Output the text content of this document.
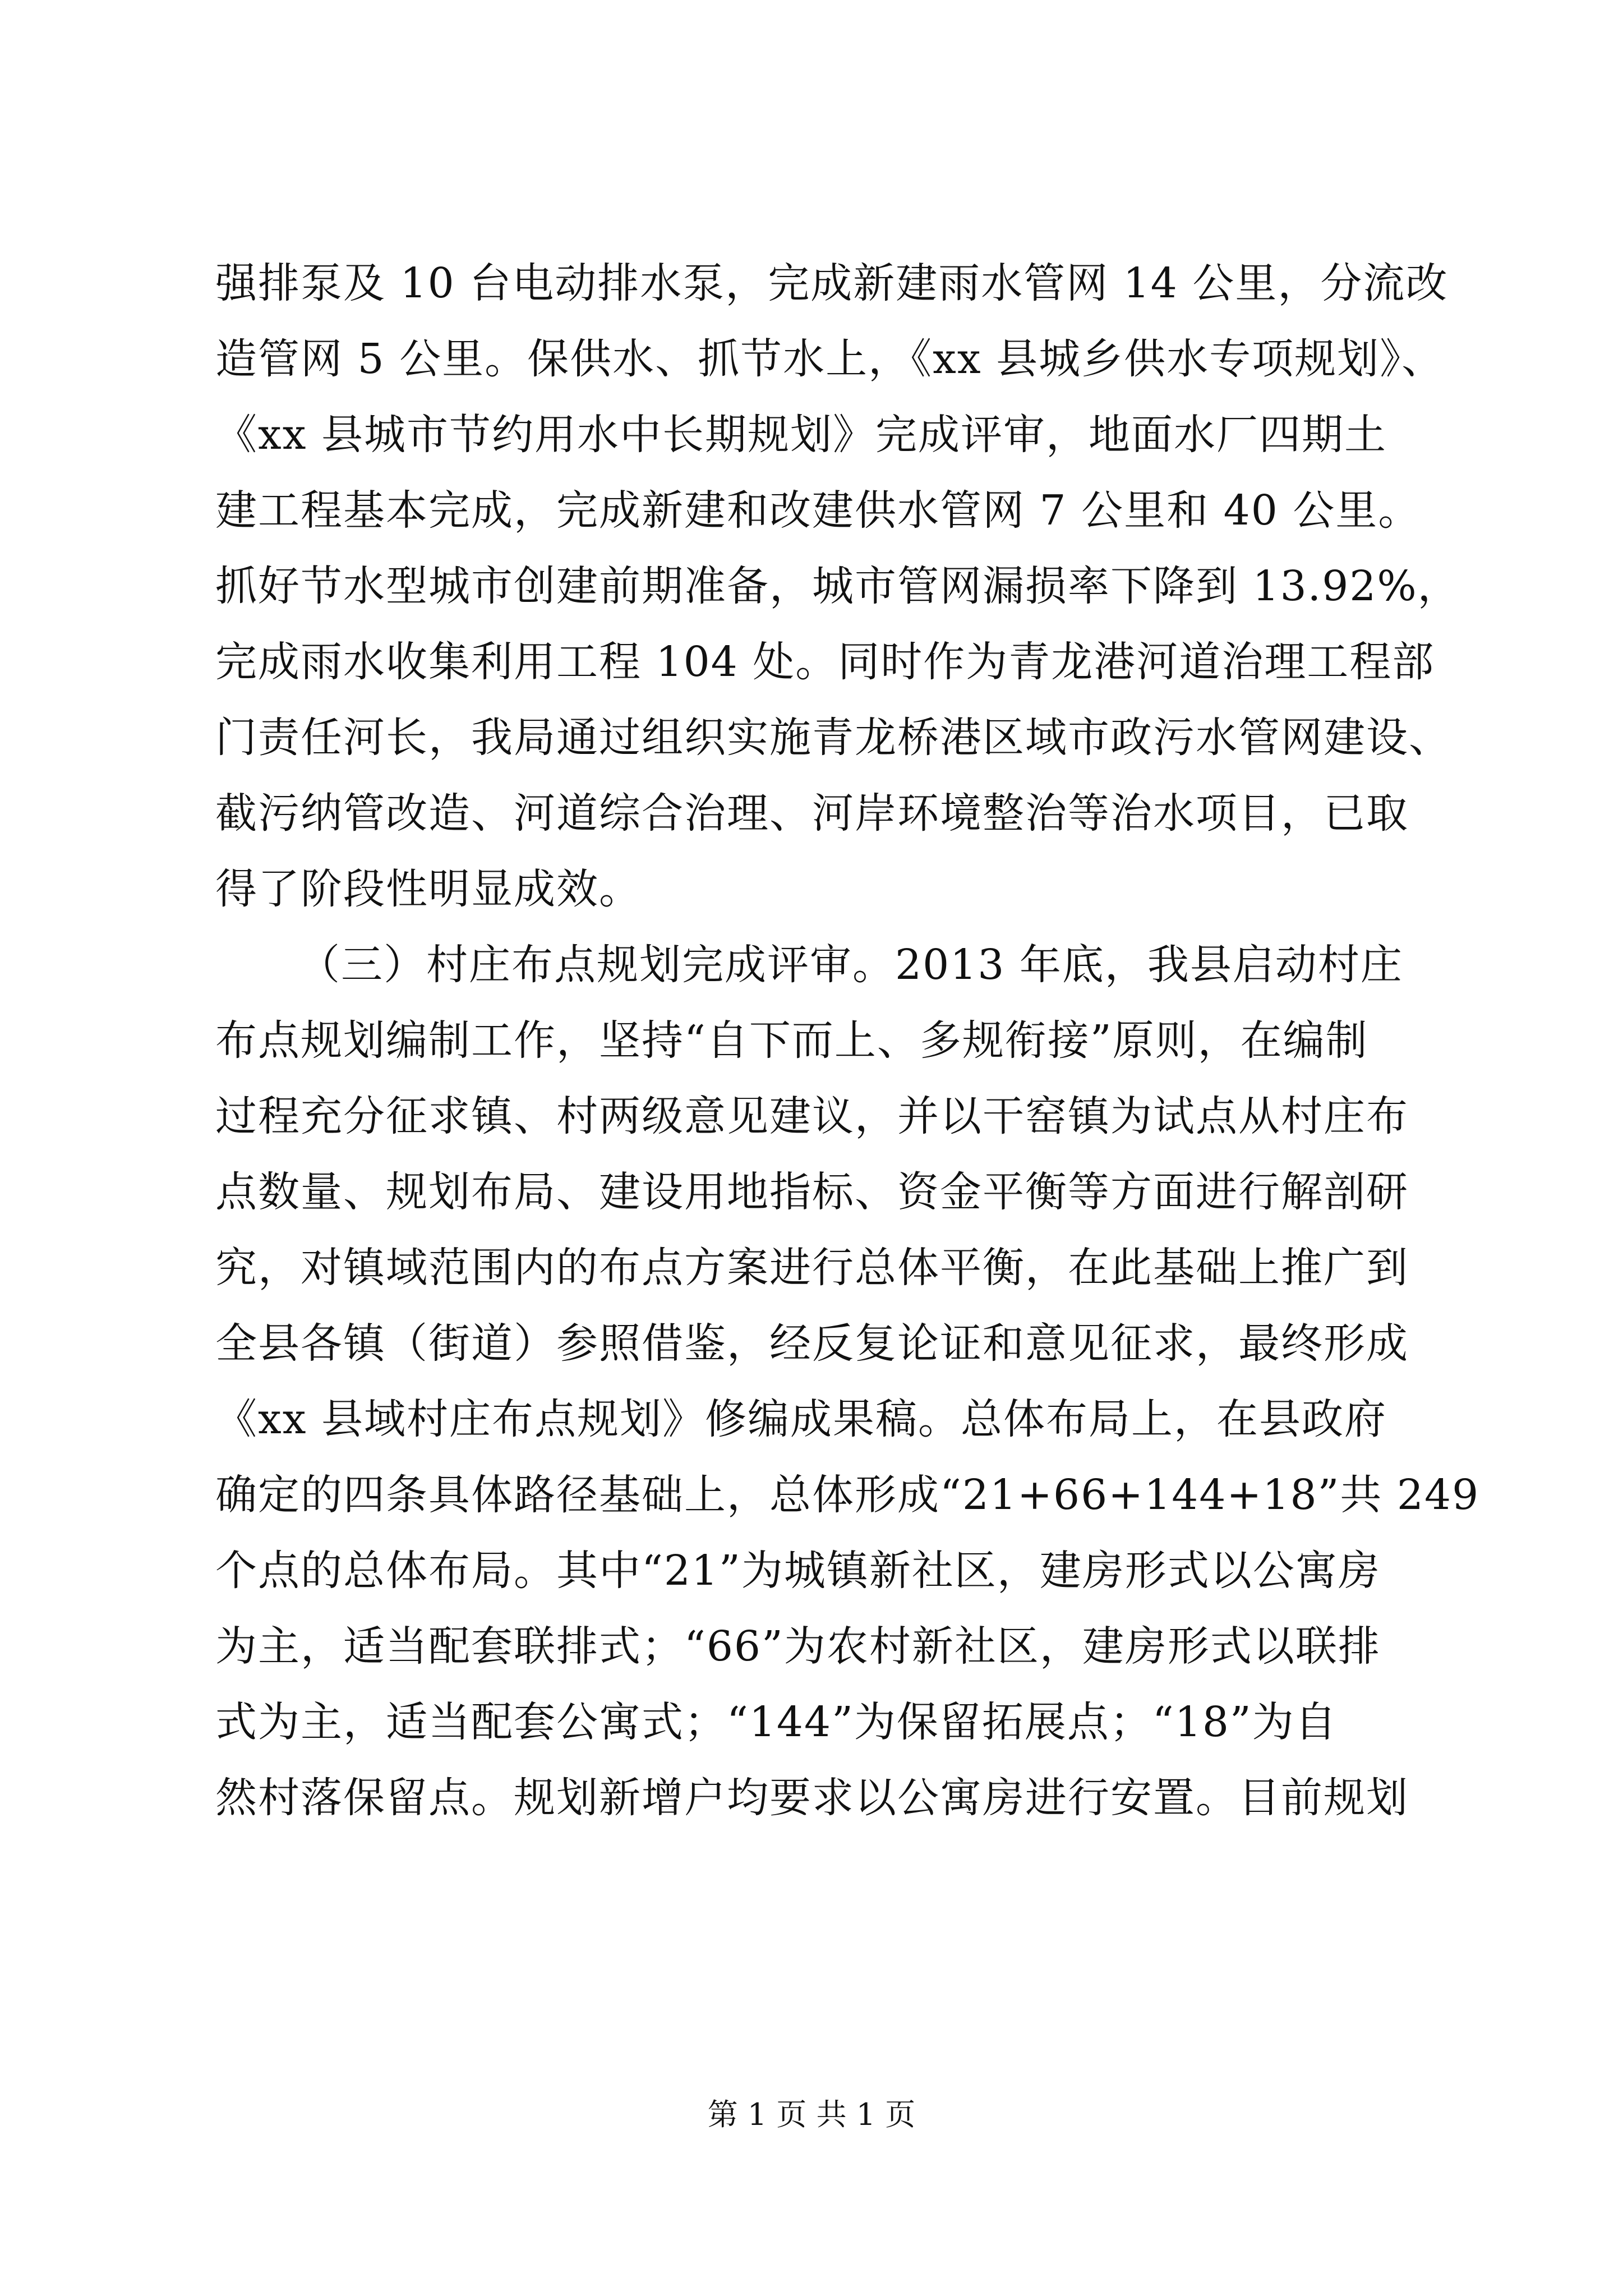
强排泵及 10 台电动排水泵，完成新建雨水管网 14 公里，分流改
造管网 5 公里。保供水、抓节水上，《xx 县城乡供水专项规划》、
《xx 县城市节约用水中长期规划》完成评审，地面水厂四期土
建工程基本完成，完成新建和改建供水管网 7 公里和 40 公里。
抓好节水型城市创建前期准备，城市管网漏损率下降到 13.92%，
完成雨水收集利用工程 104 处。同时作为青龙港河道治理工程部
门责任河长，我局通过组织实施青龙桥港区域市政污水管网建设、
截污纳管改造、河道综合治理、河岸环境整治等治水项目，已取
得了阶段性明显成效。
（三）村庄布点规划完成评审。2013 年底，我县启动村庄
布点规划编制工作，坚持“自下而上、多规衔接”原则，在编制
过程充分征求镇、村两级意见建议，并以干窑镇为试点从村庄布
点数量、规划布局、建设用地指标、资金平衡等方面进行解剖研
究，对镇域范围内的布点方案进行总体平衡，在此基础上推广到
全县各镇（街道）参照借鉴，经反复论证和意见征求，最终形成
《xx 县域村庄布点规划》修编成果稿。总体布局上，在县政府
确定的四条具体路径基础上，总体形成“21+66+144+18”共 249
个点的总体布局。其中“21”为城镇新社区，建房形式以公寓房
为主，适当配套联排式；“66”为农村新社区，建房形式以联排
式为主，适当配套公寓式；“144”为保留拓展点；“18”为自
然村落保留点。规划新增户均要求以公寓房进行安置。目前规划
第 1 页 共 1 页
